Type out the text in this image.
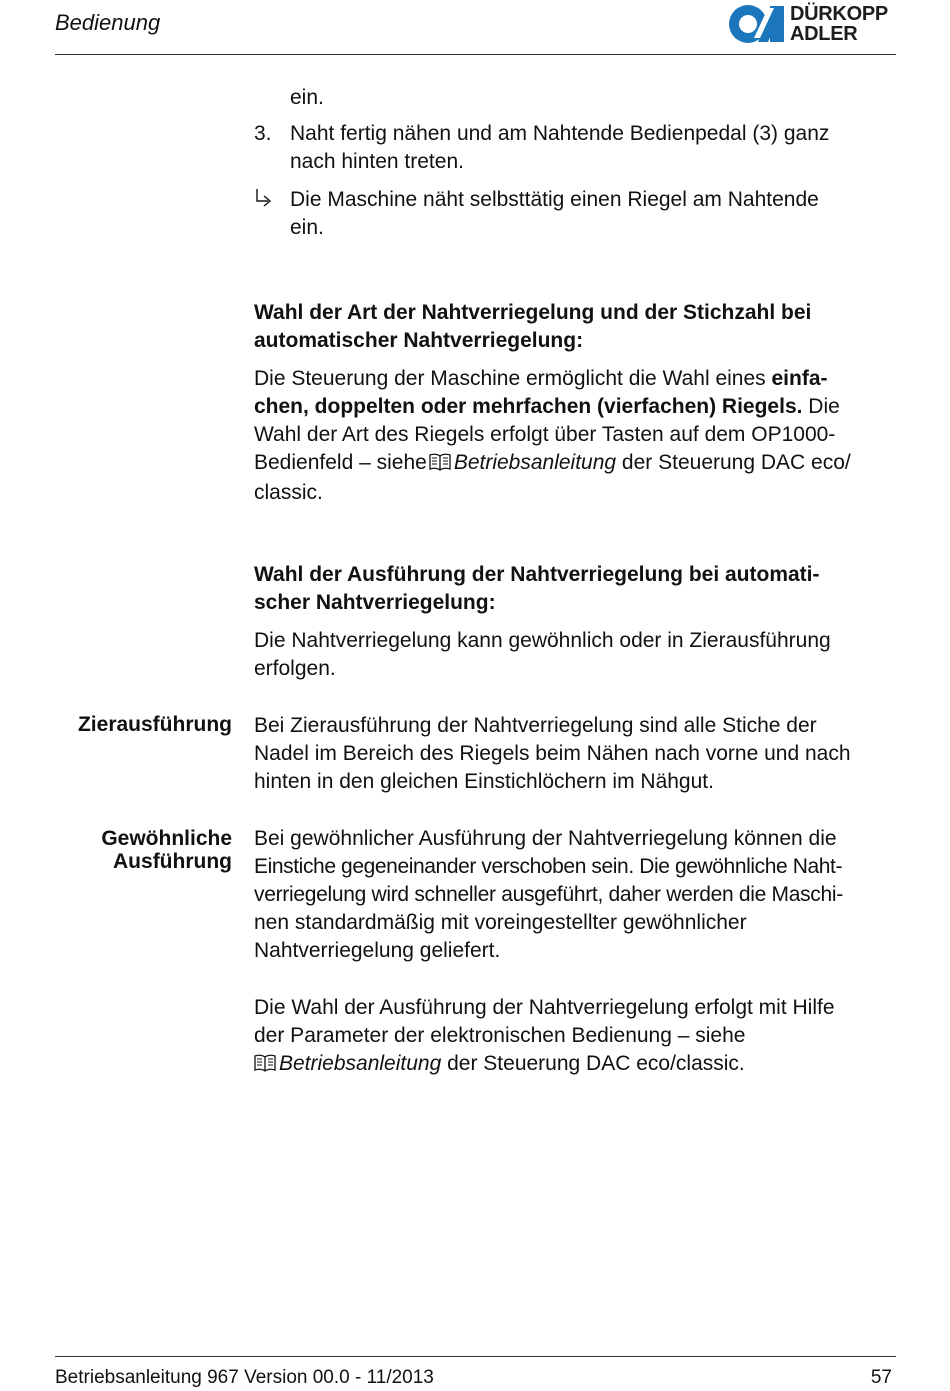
Bedienung	DÜRKOPP
ADLER
ein.
3. Naht fertig nähen und am Nahtende Bedienpedal (3) ganz
nach hinten treten.
Die Maschine näht selbsttätig einen Riegel am Nahtende
ein.
Wahl der Art der Nahtverriegelung und der Stichzahl bei
automatischer Nahtverriegelung:
Die Steuerung der Maschine ermöglicht die Wahl eines einfa-
chen, doppelten oder mehrfachen (vierfachen) Riegels. Die
Wahl der Art des Riegels erfolgt über Tasten auf dem OP1000-
Bedienfeld – siehe Betriebsanleitung der Steuerung DAC eco/
classic.
Wahl der Ausführung der Nahtverriegelung bei automati-
scher Nahtverriegelung:
Die Nahtverriegelung kann gewöhnlich oder in Zierausführung
erfolgen.
Zierausführung Bei Zierausführung der Nahtverriegelung sind alle Stiche der
Nadel im Bereich des Riegels beim Nähen nach vorne und nach
hinten in den gleichen Einstichlöchern im Nähgut.
Gewöhnliche
Ausführung
Bei gewöhnlicher Ausführung der Nahtverriegelung können die
Einstiche gegeneinander verschoben sein. Die gewöhnliche Naht-
verriegelung wird schneller ausgeführt, daher werden die Maschi-
nen standardmäßig mit voreingestellter gewöhnlicher
Nahtverriegelung geliefert.
Die Wahl der Ausführung der Nahtverriegelung erfolgt mit Hilfe
der Parameter der elektronischen Bedienung – siehe
Betriebsanleitung der Steuerung DAC eco/classic.
Betriebsanleitung 967 Version 00.0 - 11/2013	57
